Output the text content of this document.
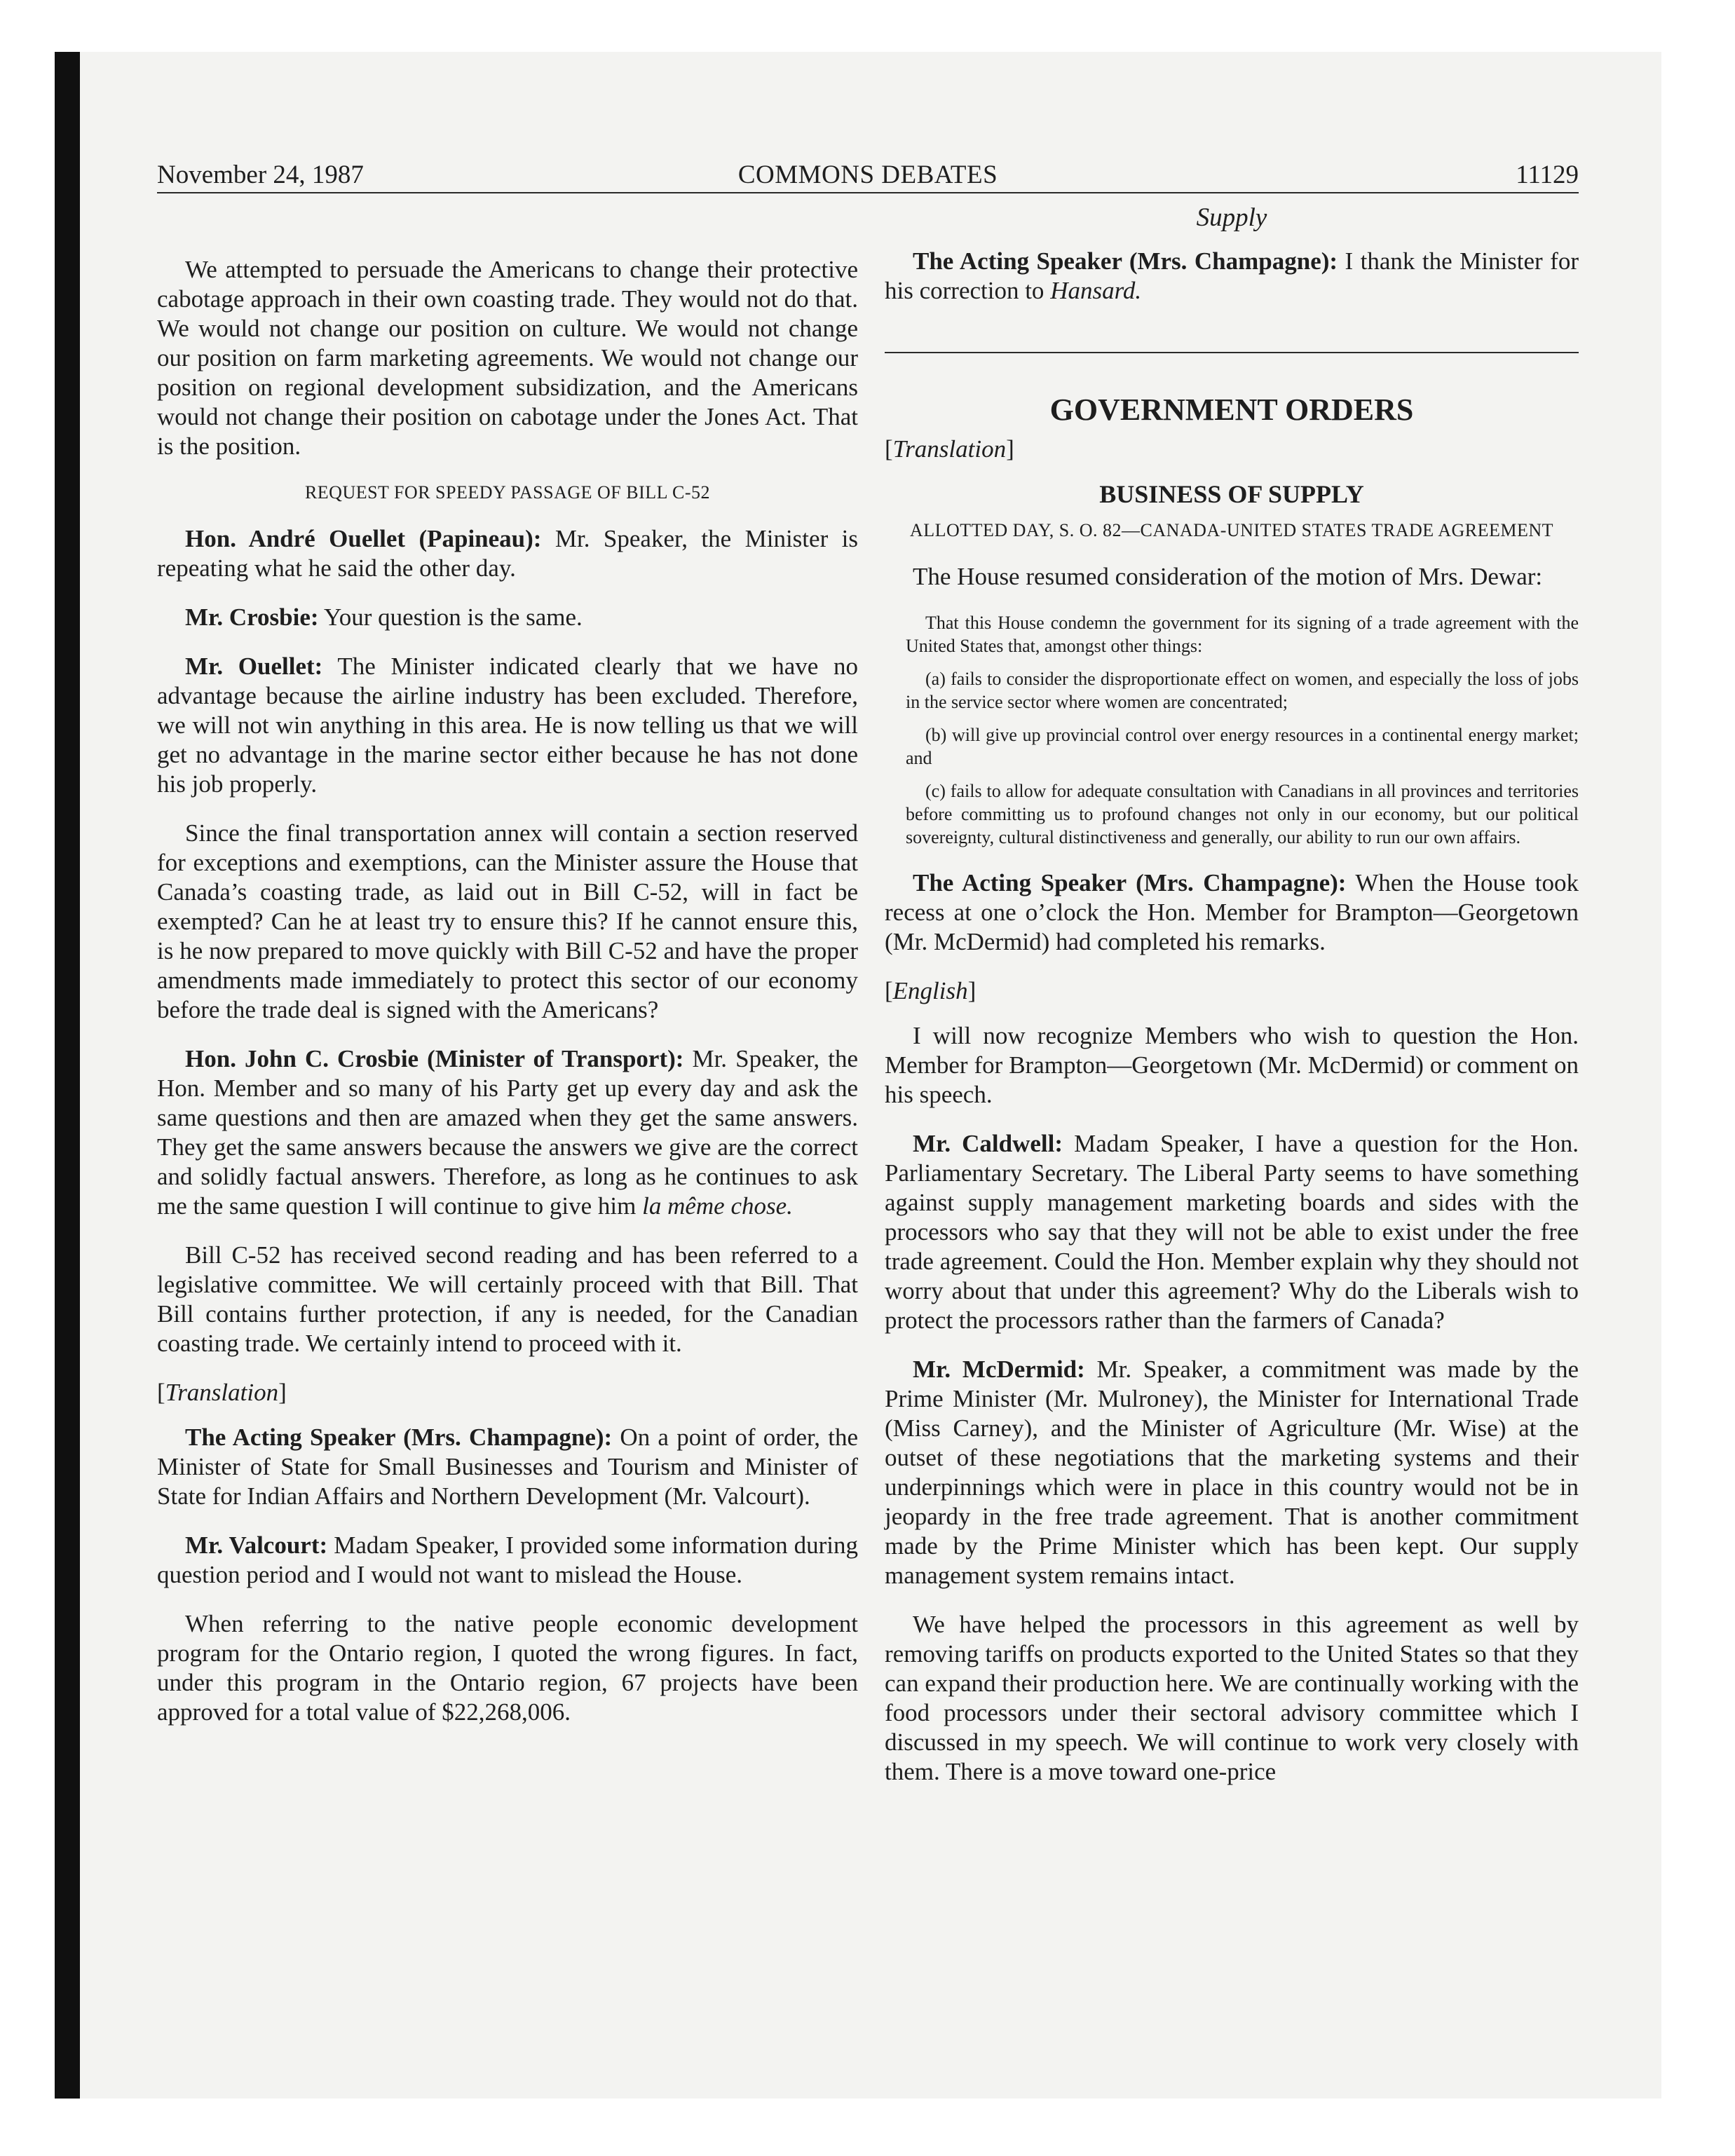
November 24, 1987	COMMONS DEBATES	11129

We attempted to persuade the Americans to change their protective cabotage approach in their own coasting trade. They would not do that. We would not change our position on culture. We would not change our position on farm marketing agreements. We would not change our position on regional development subsidization, and the Americans would not change their position on cabotage under the Jones Act. That is the position.

REQUEST FOR SPEEDY PASSAGE OF BILL C-52

Hon. André Ouellet (Papineau): Mr. Speaker, the Minister is repeating what he said the other day.

Mr. Crosbie: Your question is the same.

Mr. Ouellet: The Minister indicated clearly that we have no advantage because the airline industry has been excluded. Therefore, we will not win anything in this area. He is now telling us that we will get no advantage in the marine sector either because he has not done his job properly.

Since the final transportation annex will contain a section reserved for exceptions and exemptions, can the Minister assure the House that Canada’s coasting trade, as laid out in Bill C-52, will in fact be exempted? Can he at least try to ensure this? If he cannot ensure this, is he now prepared to move quickly with Bill C-52 and have the proper amendments made immediately to protect this sector of our economy before the trade deal is signed with the Americans?

Hon. John C. Crosbie (Minister of Transport): Mr. Speaker, the Hon. Member and so many of his Party get up every day and ask the same questions and then are amazed when they get the same answers. They get the same answers because the answers we give are the correct and solidly factual answers. Therefore, as long as he continues to ask me the same question I will continue to give him la même chose.

Bill C-52 has received second reading and has been referred to a legislative committee. We will certainly proceed with that Bill. That Bill contains further protection, if any is needed, for the Canadian coasting trade. We certainly intend to proceed with it.

[Translation]

The Acting Speaker (Mrs. Champagne): On a point of order, the Minister of State for Small Businesses and Tourism and Minister of State for Indian Affairs and Northern Development (Mr. Valcourt).

Mr. Valcourt: Madam Speaker, I provided some information during question period and I would not want to mislead the House.

When referring to the native people economic development program for the Ontario region, I quoted the wrong figures. In fact, under this program in the Ontario region, 67 projects have been approved for a total value of $22,268,006.

Supply

The Acting Speaker (Mrs. Champagne): I thank the Minister for his correction to Hansard.

GOVERNMENT ORDERS
[Translation]
BUSINESS OF SUPPLY
ALLOTTED DAY, S. O. 82—CANADA-UNITED STATES TRADE AGREEMENT

The House resumed consideration of the motion of Mrs. Dewar:

That this House condemn the government for its signing of a trade agreement with the United States that, amongst other things:
(a) fails to consider the disproportionate effect on women, and especially the loss of jobs in the service sector where women are concentrated;
(b) will give up provincial control over energy resources in a continental energy market; and
(c) fails to allow for adequate consultation with Canadians in all provinces and territories before committing us to profound changes not only in our economy, but our political sovereignty, cultural distinctiveness and generally, our ability to run our own affairs.

The Acting Speaker (Mrs. Champagne): When the House took recess at one o’clock the Hon. Member for Brampton—Georgetown (Mr. McDermid) had completed his remarks.

[English]

I will now recognize Members who wish to question the Hon. Member for Brampton—Georgetown (Mr. McDermid) or comment on his speech.

Mr. Caldwell: Madam Speaker, I have a question for the Hon. Parliamentary Secretary. The Liberal Party seems to have something against supply management marketing boards and sides with the processors who say that they will not be able to exist under the free trade agreement. Could the Hon. Member explain why they should not worry about that under this agreement? Why do the Liberals wish to protect the processors rather than the farmers of Canada?

Mr. McDermid: Mr. Speaker, a commitment was made by the Prime Minister (Mr. Mulroney), the Minister for International Trade (Miss Carney), and the Minister of Agriculture (Mr. Wise) at the outset of these negotiations that the marketing systems and their underpinnings which were in place in this country would not be in jeopardy in the free trade agreement. That is another commitment made by the Prime Minister which has been kept. Our supply management system remains intact.

We have helped the processors in this agreement as well by removing tariffs on products exported to the United States so that they can expand their production here. We are continually working with the food processors under their sectoral advisory committee which I discussed in my speech. We will continue to work very closely with them. There is a move toward one-price
